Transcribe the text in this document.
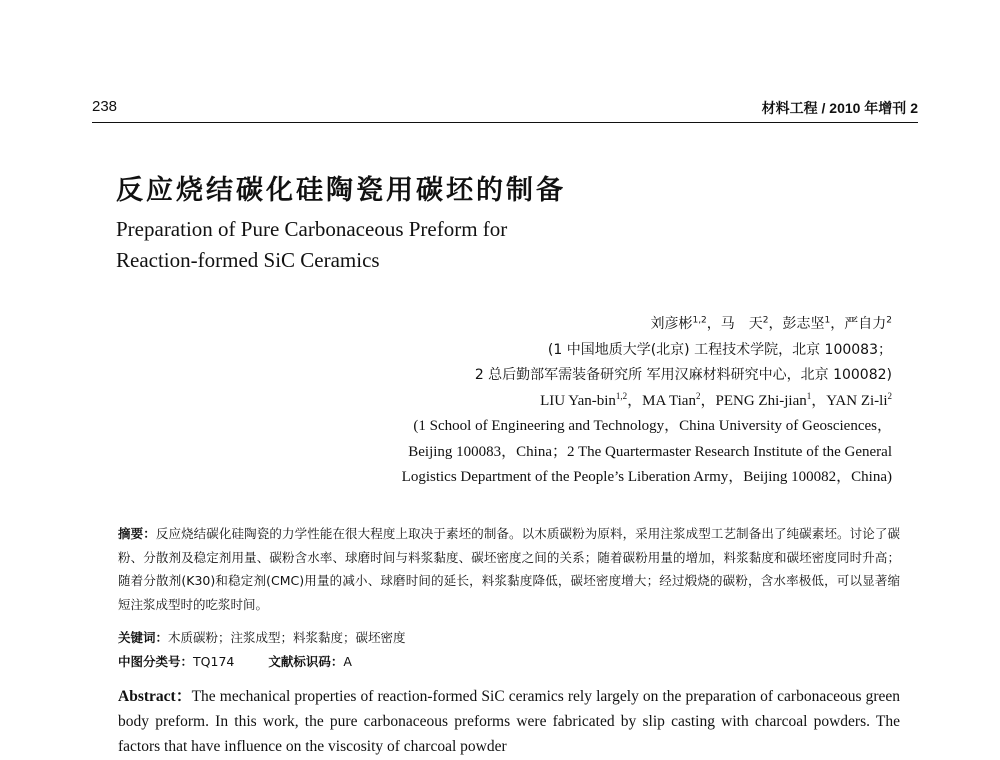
238	材料工程 / 2010 年增刊 2
反应烧结碳化硅陶瓷用碳坯的制备
Preparation of Pure Carbonaceous Preform for
Reaction-formed SiC Ceramics
刘彦彬$^{1,2}$，马　天$^2$，彭志坚$^1$，严自力$^2$
(1 中国地质大学(北京) 工程技术学院，北京 100083；
2 总后勤部军需装备研究所 军用汉麻材料研究中心，北京 100082)
LIU Yan-bin$^{1,2}$，MA Tian$^2$，PENG Zhi-jian$^1$，YAN $Zi-li^2$
(1 School of Engineering and Technology，China University of Geosciences，
Beijing 100083，China；2 The Quartermaster Research Institute of the General
Logistics Department of the People’s Liberation Army，Beijing 100082，China)
摘要：反应烧结碳化硅陶瓷的力学性能在很大程度上取决于素坯的制备。以木质碳粉为原料，采用注浆成型工艺制备出了纯碳素坯。讨论了碳粉、分散剂及稳定剂用量、碳粉含水率、球磨时间与料浆黏度、碳坯密度之间的关系；随着碳粉用量的增加，料浆黏度和碳坯密度同时升高；随着分散剂(K30)和稳定剂(CMC)用量的减小、球磨时间的延长，料浆黏度降低，碳坯密度增大；经过煅烧的碳粉，含水率极低，可以显著缩短注浆成型时的吃浆时间。
关键词：木质碳粉；注浆成型；料浆黏度；碳坯密度
中图分类号：TQ174	文献标识码：A
Abstract：The mechanical properties of reaction-formed SiC ceramics rely largely on the preparation of carbonaceous green body preform. In this work, the pure carbonaceous preforms were fabricated by slip casting with charcoal powders. The factors that have influence on the viscosity of charcoal powder
